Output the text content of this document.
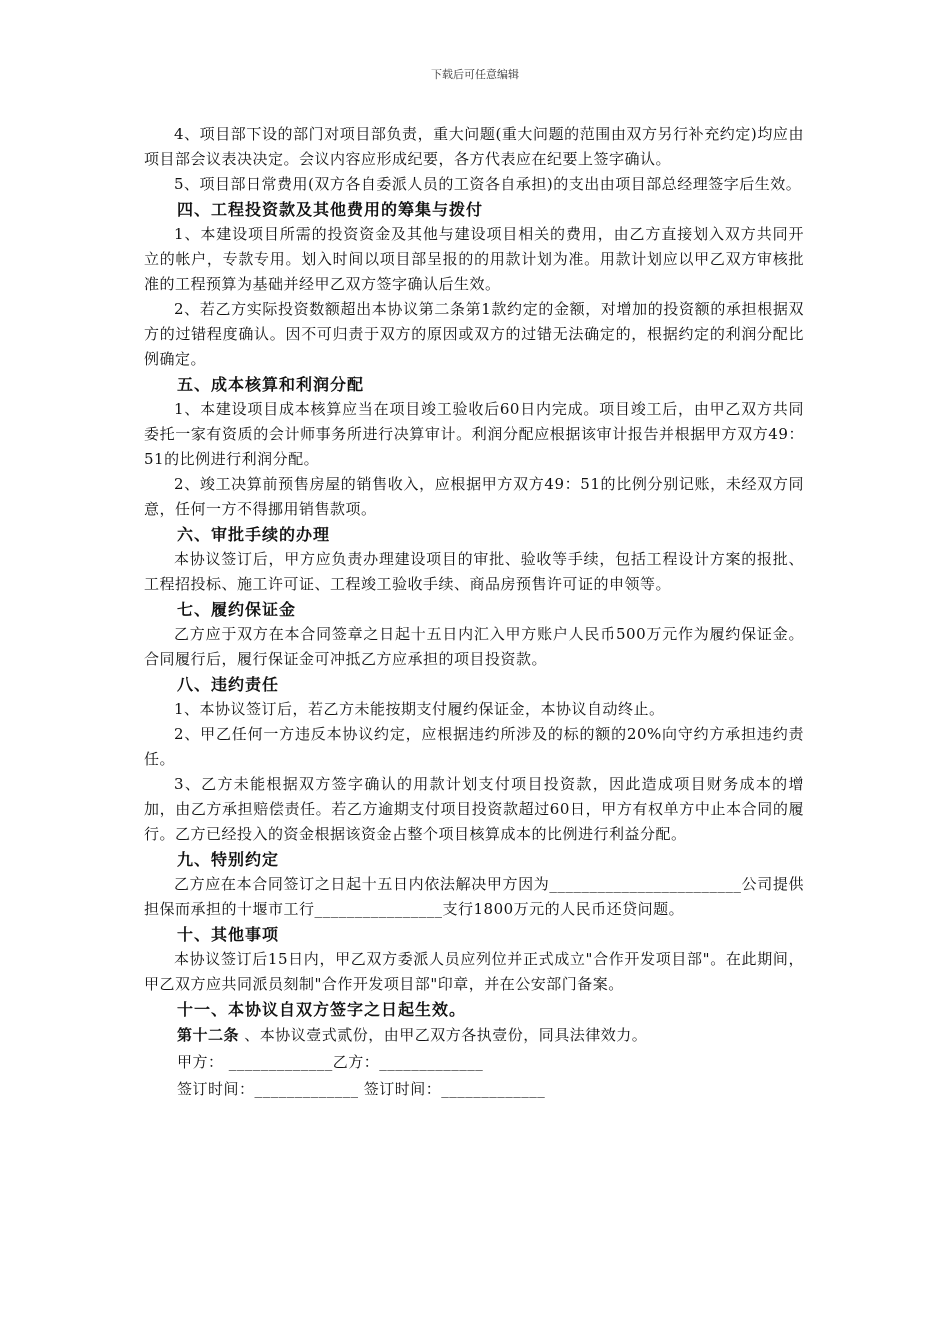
下载后可任意编辑

4、项目部下设的部门对项目部负责，重大问题(重大问题的范围由双方另行补充约定)均应由项目部会议表决决定。会议内容应形成纪要，各方代表应在纪要上签字确认。

5、项目部日常费用(双方各自委派人员的工资各自承担)的支出由项目部总经理签字后生效。

四、工程投资款及其他费用的筹集与拨付

1、本建设项目所需的投资资金及其他与建设项目相关的费用，由乙方直接划入双方共同开立的帐户，专款专用。划入时间以项目部呈报的的用款计划为准。用款计划应以甲乙双方审核批准的工程预算为基础并经甲乙双方签字确认后生效。

2、若乙方实际投资数额超出本协议第二条第1款约定的金额，对增加的投资额的承担根据双方的过错程度确认。因不可归责于双方的原因或双方的过错无法确定的，根据约定的利润分配比例确定。

五、成本核算和利润分配

1、本建设项目成本核算应当在项目竣工验收后60日内完成。项目竣工后，由甲乙双方共同委托一家有资质的会计师事务所进行决算审计。利润分配应根据该审计报告并根据甲方双方49：51的比例进行利润分配。

2、竣工决算前预售房屋的销售收入，应根据甲方双方49：51的比例分别记账，未经双方同意，任何一方不得挪用销售款项。

六、审批手续的办理

本协议签订后，甲方应负责办理建设项目的审批、验收等手续，包括工程设计方案的报批、工程招投标、施工许可证、工程竣工验收手续、商品房预售许可证的申领等。

七、履约保证金

乙方应于双方在本合同签章之日起十五日内汇入甲方账户人民币500万元作为履约保证金。合同履行后，履行保证金可冲抵乙方应承担的项目投资款。

八、违约责任

1、本协议签订后，若乙方未能按期支付履约保证金，本协议自动终止。

2、甲乙任何一方违反本协议约定，应根据违约所涉及的标的额的20%向守约方承担违约责任。

3、乙方未能根据双方签字确认的用款计划支付项目投资款，因此造成项目财务成本的增加，由乙方承担赔偿责任。若乙方逾期支付项目投资款超过60日，甲方有权单方中止本合同的履行。乙方已经投入的资金根据该资金占整个项目核算成本的比例进行利益分配。

九、特别约定

乙方应在本合同签订之日起十五日内依法解决甲方因为________________________公司提供担保而承担的十堰市工行________________支行1800万元的人民币还贷问题。

十、其他事项

本协议签订后15日内，甲乙双方委派人员应列位并正式成立"合作开发项目部"。在此期间，甲乙双方应共同派员刻制"合作开发项目部"印章，并在公安部门备案。

十一、本协议自双方签字之日起生效。

第十二条 、本协议壹式贰份，由甲乙双方各执壹份，同具法律效力。

甲方： _____________乙方：_____________

签订时间：_____________ 签订时间：_____________
